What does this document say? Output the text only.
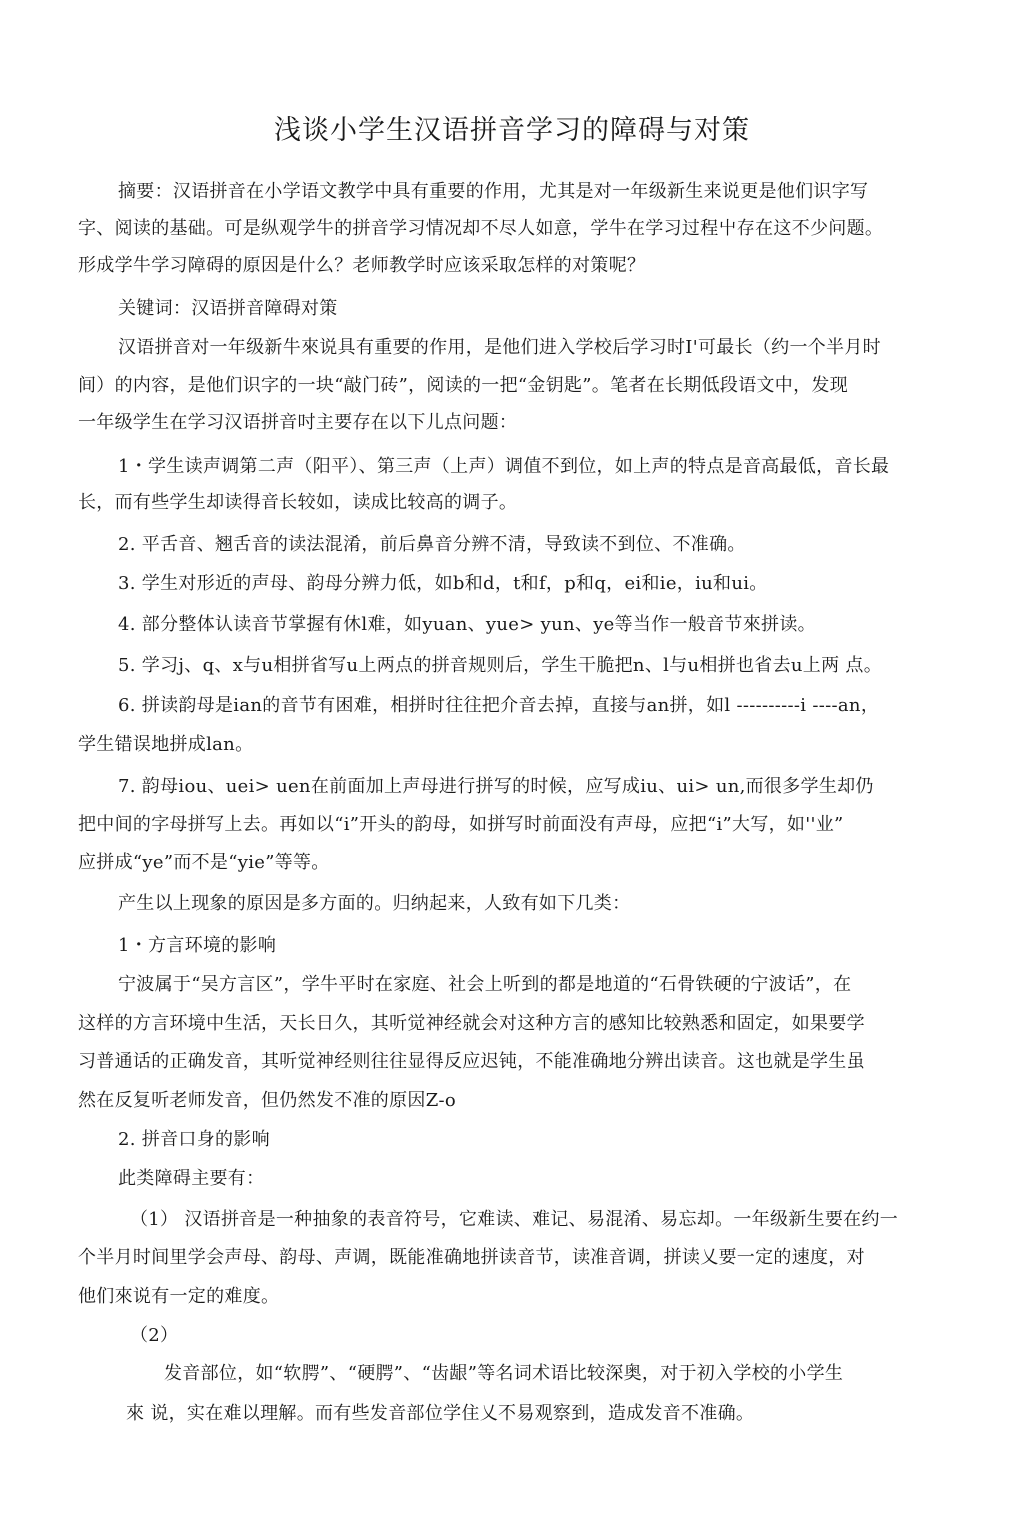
浅谈小学生汉语拼音学习的障碍与对策
摘要：汉语拼音在小学语文教学中具有重要的作用，尤其是对一年级新生来说更是他们识字写
字、阅读的基础。可是纵观学牛的拼音学习情况却不尽人如意，学牛在学习过程屮存在这不少问题。
形成学牛学习障碍的原因是什么？老师教学时应该采取怎样的对策呢？
关键词：汉语拼音障碍对策
汉语拼音对一年级新牛來说具有重要的作用，是他们进入学校后学习时I'可最长（约一个半月时
间）的内容，是他们识字的一块“敲门砖”，阅读的一把“金钥匙”。笔者在长期低段语文中，发现
一年级学生在学习汉语拼音吋主要存在以下儿点问题：
1・学生读声调第二声（阳平）、第三声（上声）调值不到位，如上声的特点是音高最低，音长最
长，而有些学生却读得音长较如，读成比较高的调子。
2. 平舌音、翘舌音的读法混淆，前后鼻音分辨不清，导致读不到位、不准确。
3. 学生对形近的声母、韵母分辨力低，如b和d，t和f，p和q，ei和ie，iu和ui。
4. 部分整体认读音节掌握有休l难，如yuan、yue> yun、ye等当作一般音节來拼读。
5. 学习j、q、x与u相拼省写u上两点的拼音规则后，学生干脆把n、l与u相拼也省去u上两 点。
6. 拼读韵母是ian的音节有困难，相拼时往往把介音去掉，直接与an拼，如l ----------i ----an，
学生错误地拼成lan。
7. 韵母iou、uei> uen在前面加上声母进行拼写的时候，应写成iu、ui> un,而很多学生却仍
把中间的字母拼写上去。再如以“i”开头的韵母，如拼写时前面没有声母，应把“i”大写，如''业”
应拼成“ye”而不是“yie”等等。
产生以上现象的原因是多方面的。归纳起来，人致有如下几类：
1・方言环境的影响
宁波属于“吴方言区”，学牛平时在家庭、社会上听到的都是地道的“石骨铁硬的宁波话”，在
这样的方言环境中生活，天长日久，其听觉神经就会对这种方言的感知比较熟悉和固定，如果要学
习普通话的正确发音，其听觉神经则往往显得反应迟钝，不能准确地分辨出读音。这也就是学生虽
然在反复听老师发音，但仍然发不准的原因Z-o
2. 拼音口身的影响
此类障碍主要有：
（1） 汉语拼音是一种抽象的表音符号，它难读、难记、易混淆、易忘却。一年级新生要在约一
个半月时间里学会声母、韵母、声调，既能准确地拼读音节，读准音调，拼读乂要一定的速度，对
他们來说有一定的难度。
（2）
发音部位，如“软腭”、“硬腭”、“齿龈”等名词术语比较深奥，对于初入学校的小学生
來 说，实在难以理解。而有些发音部位学住乂不易观察到，造成发音不准确。
